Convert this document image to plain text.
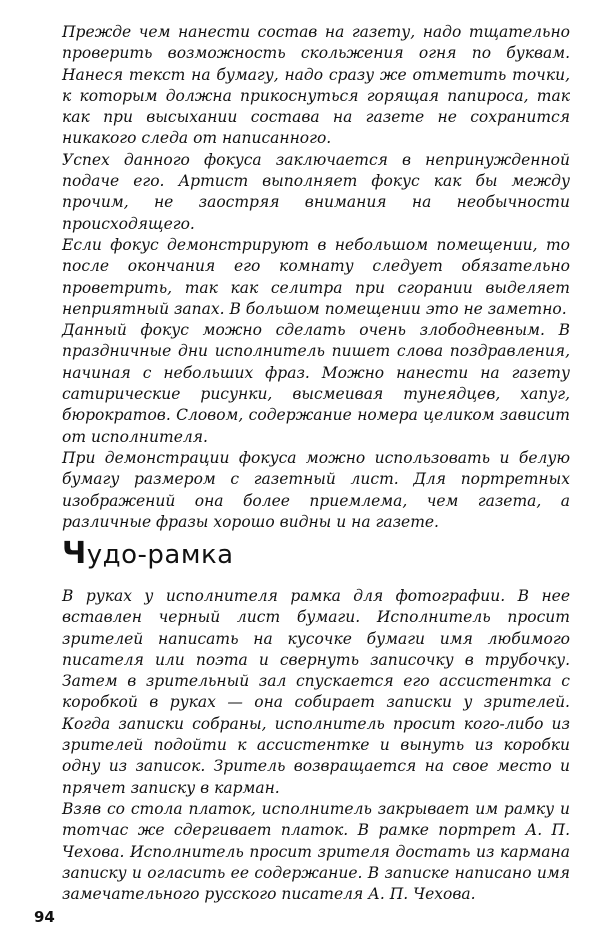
Прежде чем нанести состав на газету, надо тщательно проверить возможность скольжения огня по буквам. Нанеся текст на бумагу, надо сразу же отметить точки, к которым должна прикоснуться горящая папироса, так как при высыхании состава на газете не сохранится никакого следа от написанного.

Успех данного фокуса заключается в непринужденной подаче его. Артист выполняет фокус как бы между прочим, не заостряя внимания на необычности происходящего.

Если фокус демонстрируют в небольшом помещении, то после окончания его комнату следует обязательно проветрить, так как селитра при сгорании выделяет неприятный запах. В большом помещении это не заметно.

Данный фокус можно сделать очень злободневным. В праздничные дни исполнитель пишет слова поздравления, начиная с небольших фраз. Можно нанести на газету сатирические рисунки, высмеивая тунеядцев, хапуг, бюрократов. Словом, содержание номера целиком зависит от исполнителя.

При демонстрации фокуса можно использовать и белую бумагу размером с газетный лист. Для портретных изображений она более приемлема, чем газета, а различные фразы хорошо видны и на газете.

Чудо-рамка

В руках у исполнителя рамка для фотографии. В нее вставлен черный лист бумаги. Исполнитель просит зрителей написать на кусочке бумаги имя любимого писателя или поэта и свернуть записочку в трубочку. Затем в зрительный зал спускается его ассистентка с коробкой в руках — она собирает записки у зрителей. Когда записки собраны, исполнитель просит кого-либо из зрителей подойти к ассистентке и вынуть из коробки одну из записок. Зритель возвращается на свое место и прячет записку в карман.

Взяв со стола платок, исполнитель закрывает им рамку и тотчас же сдергивает платок. В рамке портрет А. П. Чехова. Исполнитель просит зрителя достать из кармана записку и огласить ее содержание. В записке написано имя замечательного русского писателя А. П. Чехова.

94
